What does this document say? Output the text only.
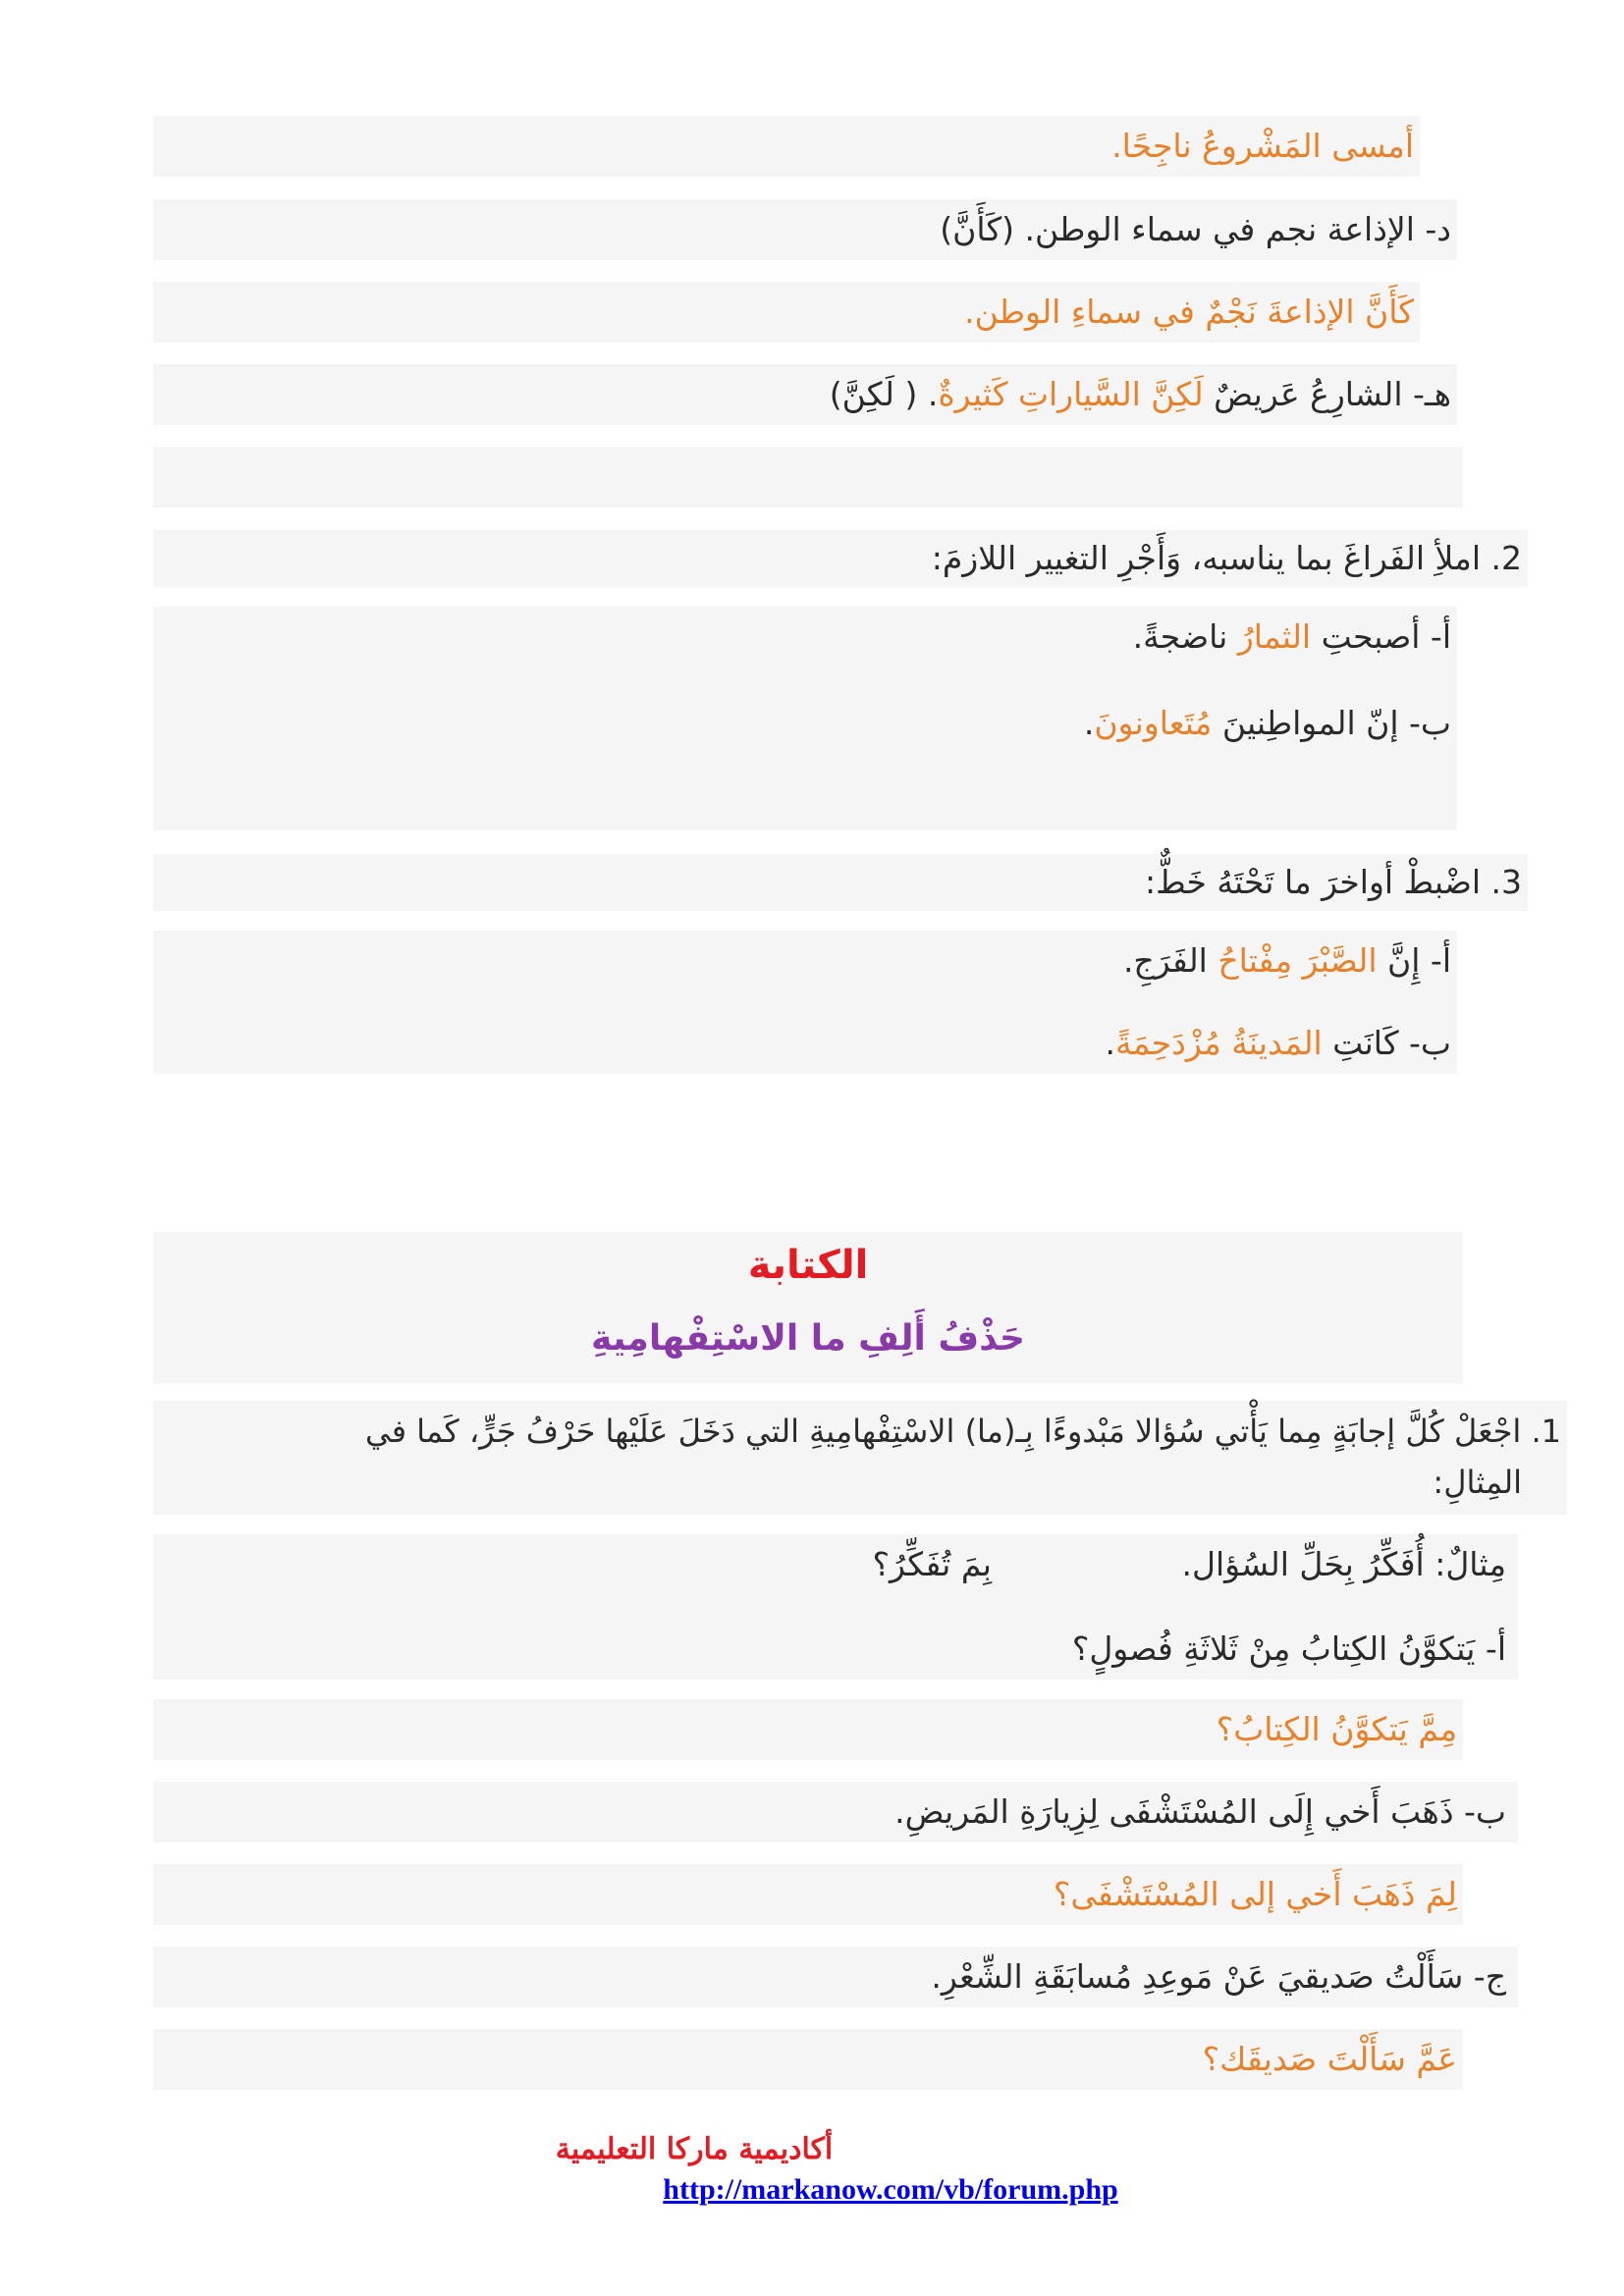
أمسى المَشْروعُ ناجِحًا.
د- الإذاعة نجم في سماء الوطن. (كَأَنَّ)
كَأَنَّ الإذاعةَ نَجْمٌ في سماءِ الوطن.
هـ- الشارِعُ عَريضٌ لَكِنَّ السَّياراتِ كَثيرةٌ. ( لَكِنَّ)
2. املأِ الفَراغَ بما يناسبه، وَأَجْرِ التغيير اللازمَ:
أ- أصبحتِ الثمارُ ناضجةً.
ب- إنّ المواطِنينَ مُتَعاونونَ.
3. اضْبطْ أواخرَ ما تَحْتَهُ خَطٌّ:
أ- إِنَّ الصَّبْرَ مِفْتاحُ الفَرَجِ.
ب- كَانَتِ المَدينَةُ مُزْدَحِمَةً.
الكتابة
حَذْفُ أَلِفِ ما الاسْتِفْهامِيةِ
1. اجْعَلْ كُلَّ إجابَةٍ مِما يَأْتي سُؤالا مَبْدوءًا بِـ(ما) الاسْتِفْهامِيةِ التي دَخَلَ عَلَيْها حَرْفُ جَرٍّ، كَما في
المِثالِ:
مِثالٌ: أُفَكِّرُ بِحَلِّ السُؤال.
بِمَ تُفَكِّرُ؟
أ- يَتكوَّنُ الكِتابُ مِنْ ثَلاثَةِ فُصولٍ؟
مِمَّ يَتكوَّنُ الكِتابُ؟
ب- ذَهَبَ أَخي إِلَى المُسْتَشْفَى لِزِيارَةِ المَريضِ.
لِمَ ذَهَبَ أَخي إلى المُسْتَشْفَى؟
ج- سَأَلْتُ صَديقيَ عَنْ مَوعِدِ مُسابَقَةِ الشِّعْرِ.
عَمَّ سَأَلْتَ صَديقَك؟
أكاديمية ماركا التعليمية
http://markanow.com/vb/forum.php
